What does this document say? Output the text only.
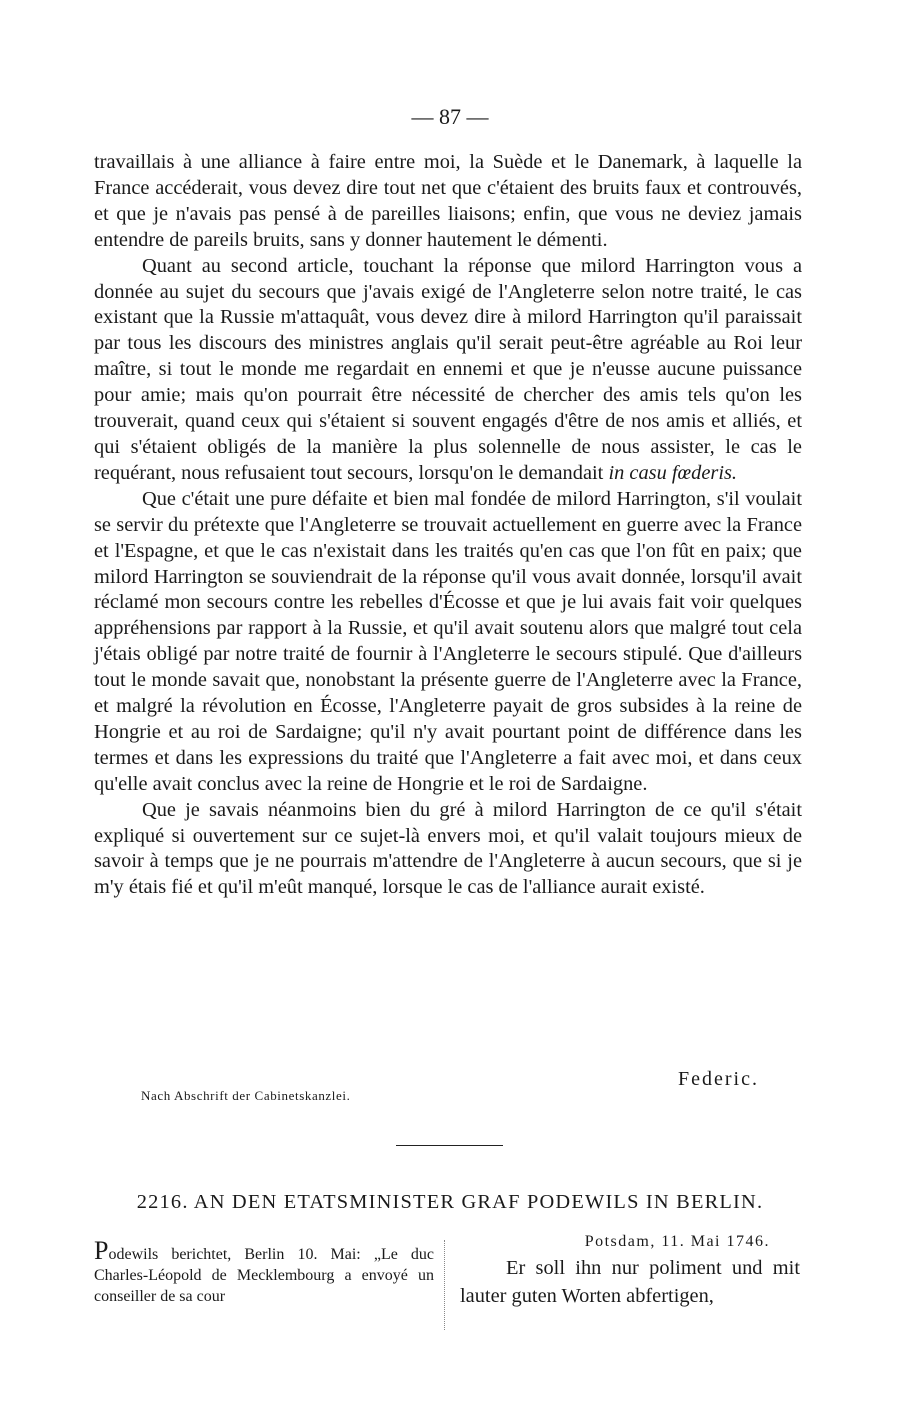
— 87 —

travaillais à une alliance à faire entre moi, la Suède et le Danemark, à laquelle la France accéderait, vous devez dire tout net que c'étaient des bruits faux et controuvés, et que je n'avais pas pensé à de pareilles liaisons; enfin, que vous ne deviez jamais entendre de pareils bruits, sans y donner hautement le démenti.

Quant au second article, touchant la réponse que milord Harrington vous a donnée au sujet du secours que j'avais exigé de l'Angleterre selon notre traité, le cas existant que la Russie m'attaquât, vous devez dire à milord Harrington qu'il paraissait par tous les discours des ministres anglais qu'il serait peut-être agréable au Roi leur maître, si tout le monde me regardait en ennemi et que je n'eusse aucune puissance pour amie; mais qu'on pourrait être nécessité de chercher des amis tels qu'on les trouverait, quand ceux qui s'étaient si souvent engagés d'être de nos amis et alliés, et qui s'étaient obligés de la manière la plus solennelle de nous assister, le cas le requérant, nous refusaient tout secours, lorsqu'on le demandait in casu fœderis.

Que c'était une pure défaite et bien mal fondée de milord Harrington, s'il voulait se servir du prétexte que l'Angleterre se trouvait actuellement en guerre avec la France et l'Espagne, et que le cas n'existait dans les traités qu'en cas que l'on fût en paix; que milord Harrington se souviendrait de la réponse qu'il vous avait donnée, lorsqu'il avait réclamé mon secours contre les rebelles d'Écosse et que je lui avais fait voir quelques appréhensions par rapport à la Russie, et qu'il avait soutenu alors que malgré tout cela j'étais obligé par notre traité de fournir à l'Angleterre le secours stipulé. Que d'ailleurs tout le monde savait que, nonobstant la présente guerre de l'Angleterre avec la France, et malgré la révolution en Écosse, l'Angleterre payait de gros subsides à la reine de Hongrie et au roi de Sardaigne; qu'il n'y avait pourtant point de différence dans les termes et dans les expressions du traité que l'Angleterre a fait avec moi, et dans ceux qu'elle avait conclus avec la reine de Hongrie et le roi de Sardaigne.

Que je savais néanmoins bien du gré à milord Harrington de ce qu'il s'était expliqué si ouvertement sur ce sujet-là envers moi, et qu'il valait toujours mieux de savoir à temps que je ne pourrais m'attendre de l'Angleterre à aucun secours, que si je m'y étais fié et qu'il m'eût manqué, lorsque le cas de l'alliance aurait existé.

Federic.
Nach Abschrift der Cabinetskanzlei.
2216. AN DEN ETATSMINISTER GRAF PODEWILS IN BERLIN.
Podewils berichtet, Berlin 10. Mai: „Le duc Charles-Léopold de Mecklembourg a envoyé un conseiller de sa cour
Potsdam, 11. Mai 1746.
Er soll ihn nur poliment und mit lauter guten Worten abfertigen,
